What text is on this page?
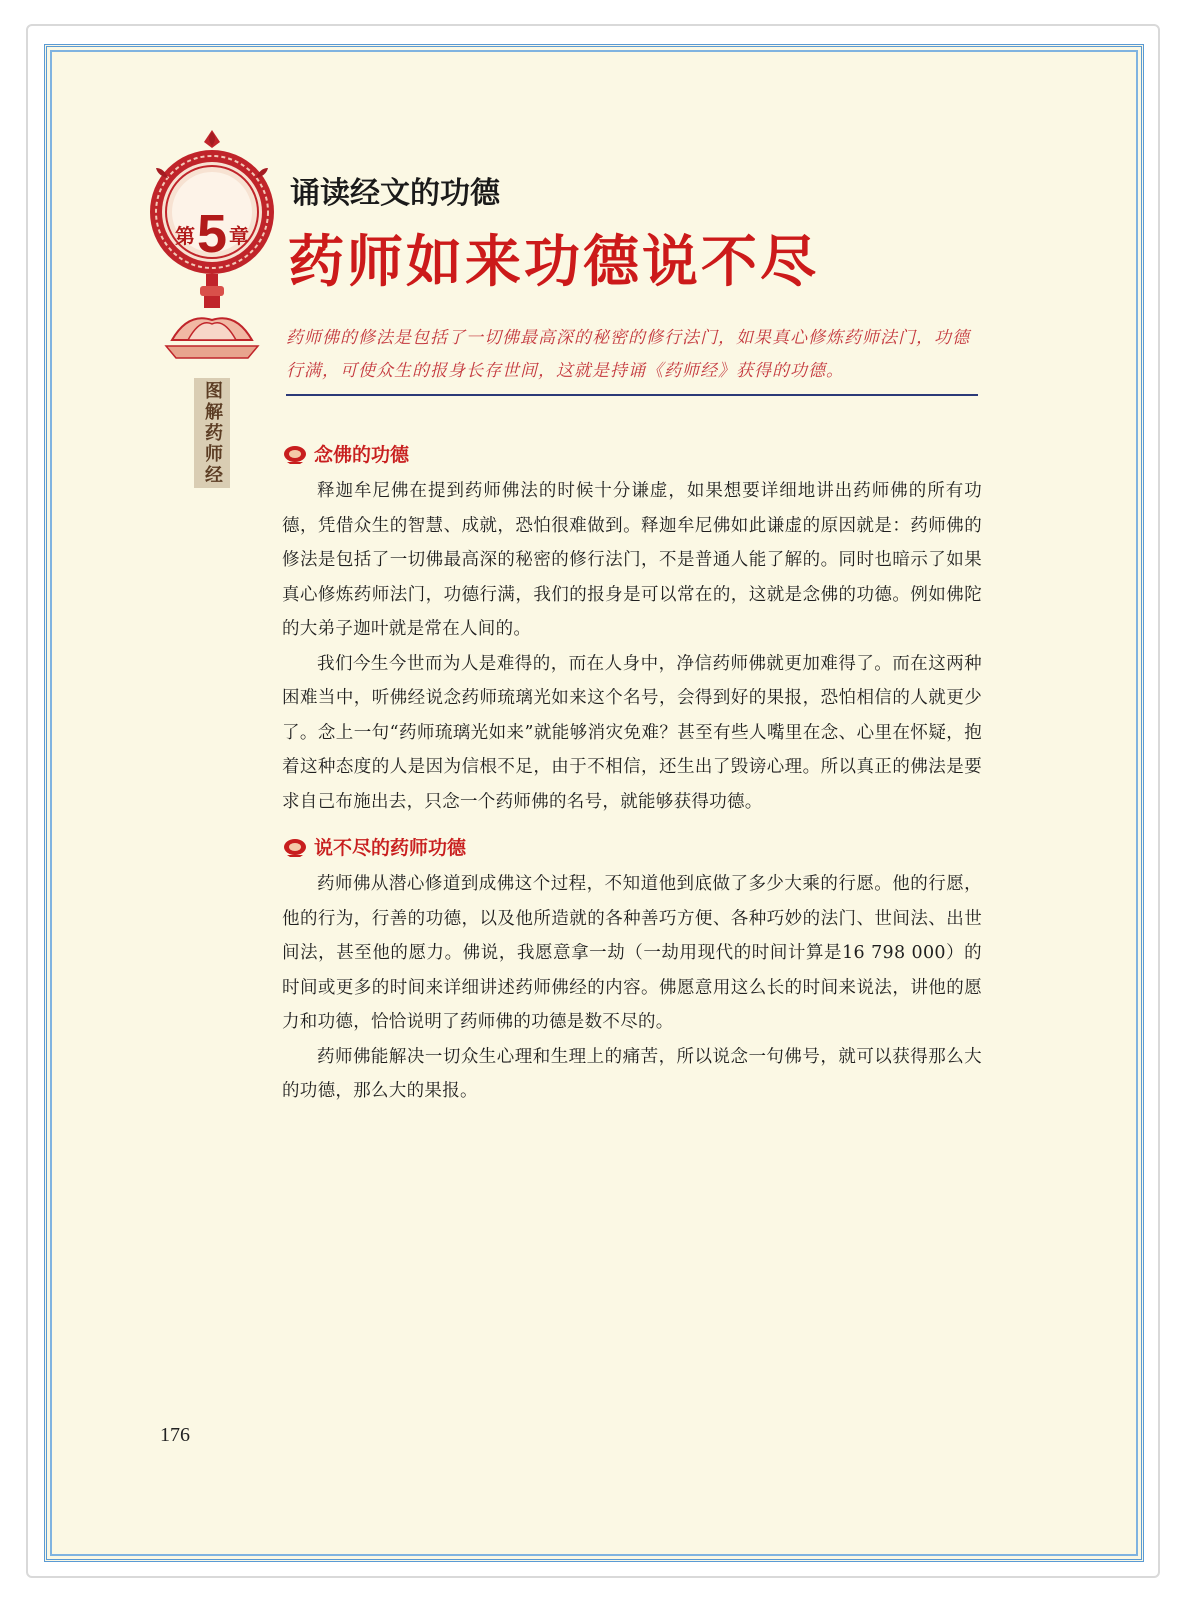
第 5 章
图解药师经
诵读经文的功德
药师如来功德说不尽
药师佛的修法是包括了一切佛最高深的秘密的修行法门，如果真心修炼药师法门，功德行满，可使众生的报身长存世间，这就是持诵《药师经》获得的功德。
念佛的功德

释迦牟尼佛在提到药师佛法的时候十分谦虚，如果想要详细地讲出药师佛的所有功德，凭借众生的智慧、成就，恐怕很难做到。释迦牟尼佛如此谦虚的原因就是：药师佛的修法是包括了一切佛最高深的秘密的修行法门，不是普通人能了解的。同时也暗示了如果真心修炼药师法门，功德行满，我们的报身是可以常在的，这就是念佛的功德。例如佛陀的大弟子迦叶就是常在人间的。

我们今生今世而为人是难得的，而在人身中，净信药师佛就更加难得了。而在这两种困难当中，听佛经说念药师琉璃光如来这个名号，会得到好的果报，恐怕相信的人就更少了。念上一句“药师琉璃光如来”就能够消灾免难？甚至有些人嘴里在念、心里在怀疑，抱着这种态度的人是因为信根不足，由于不相信，还生出了毁谤心理。所以真正的佛法是要求自己布施出去，只念一个药师佛的名号，就能够获得功德。

说不尽的药师功德

药师佛从潜心修道到成佛这个过程，不知道他到底做了多少大乘的行愿。他的行愿，他的行为，行善的功德，以及他所造就的各种善巧方便、各种巧妙的法门、世间法、出世间法，甚至他的愿力。佛说，我愿意拿一劫（一劫用现代的时间计算是16 798 000）的时间或更多的时间来详细讲述药师佛经的内容。佛愿意用这么长的时间来说法，讲他的愿力和功德，恰恰说明了药师佛的功德是数不尽的。

药师佛能解决一切众生心理和生理上的痛苦，所以说念一句佛号，就可以获得那么大的功德，那么大的果报。

176
